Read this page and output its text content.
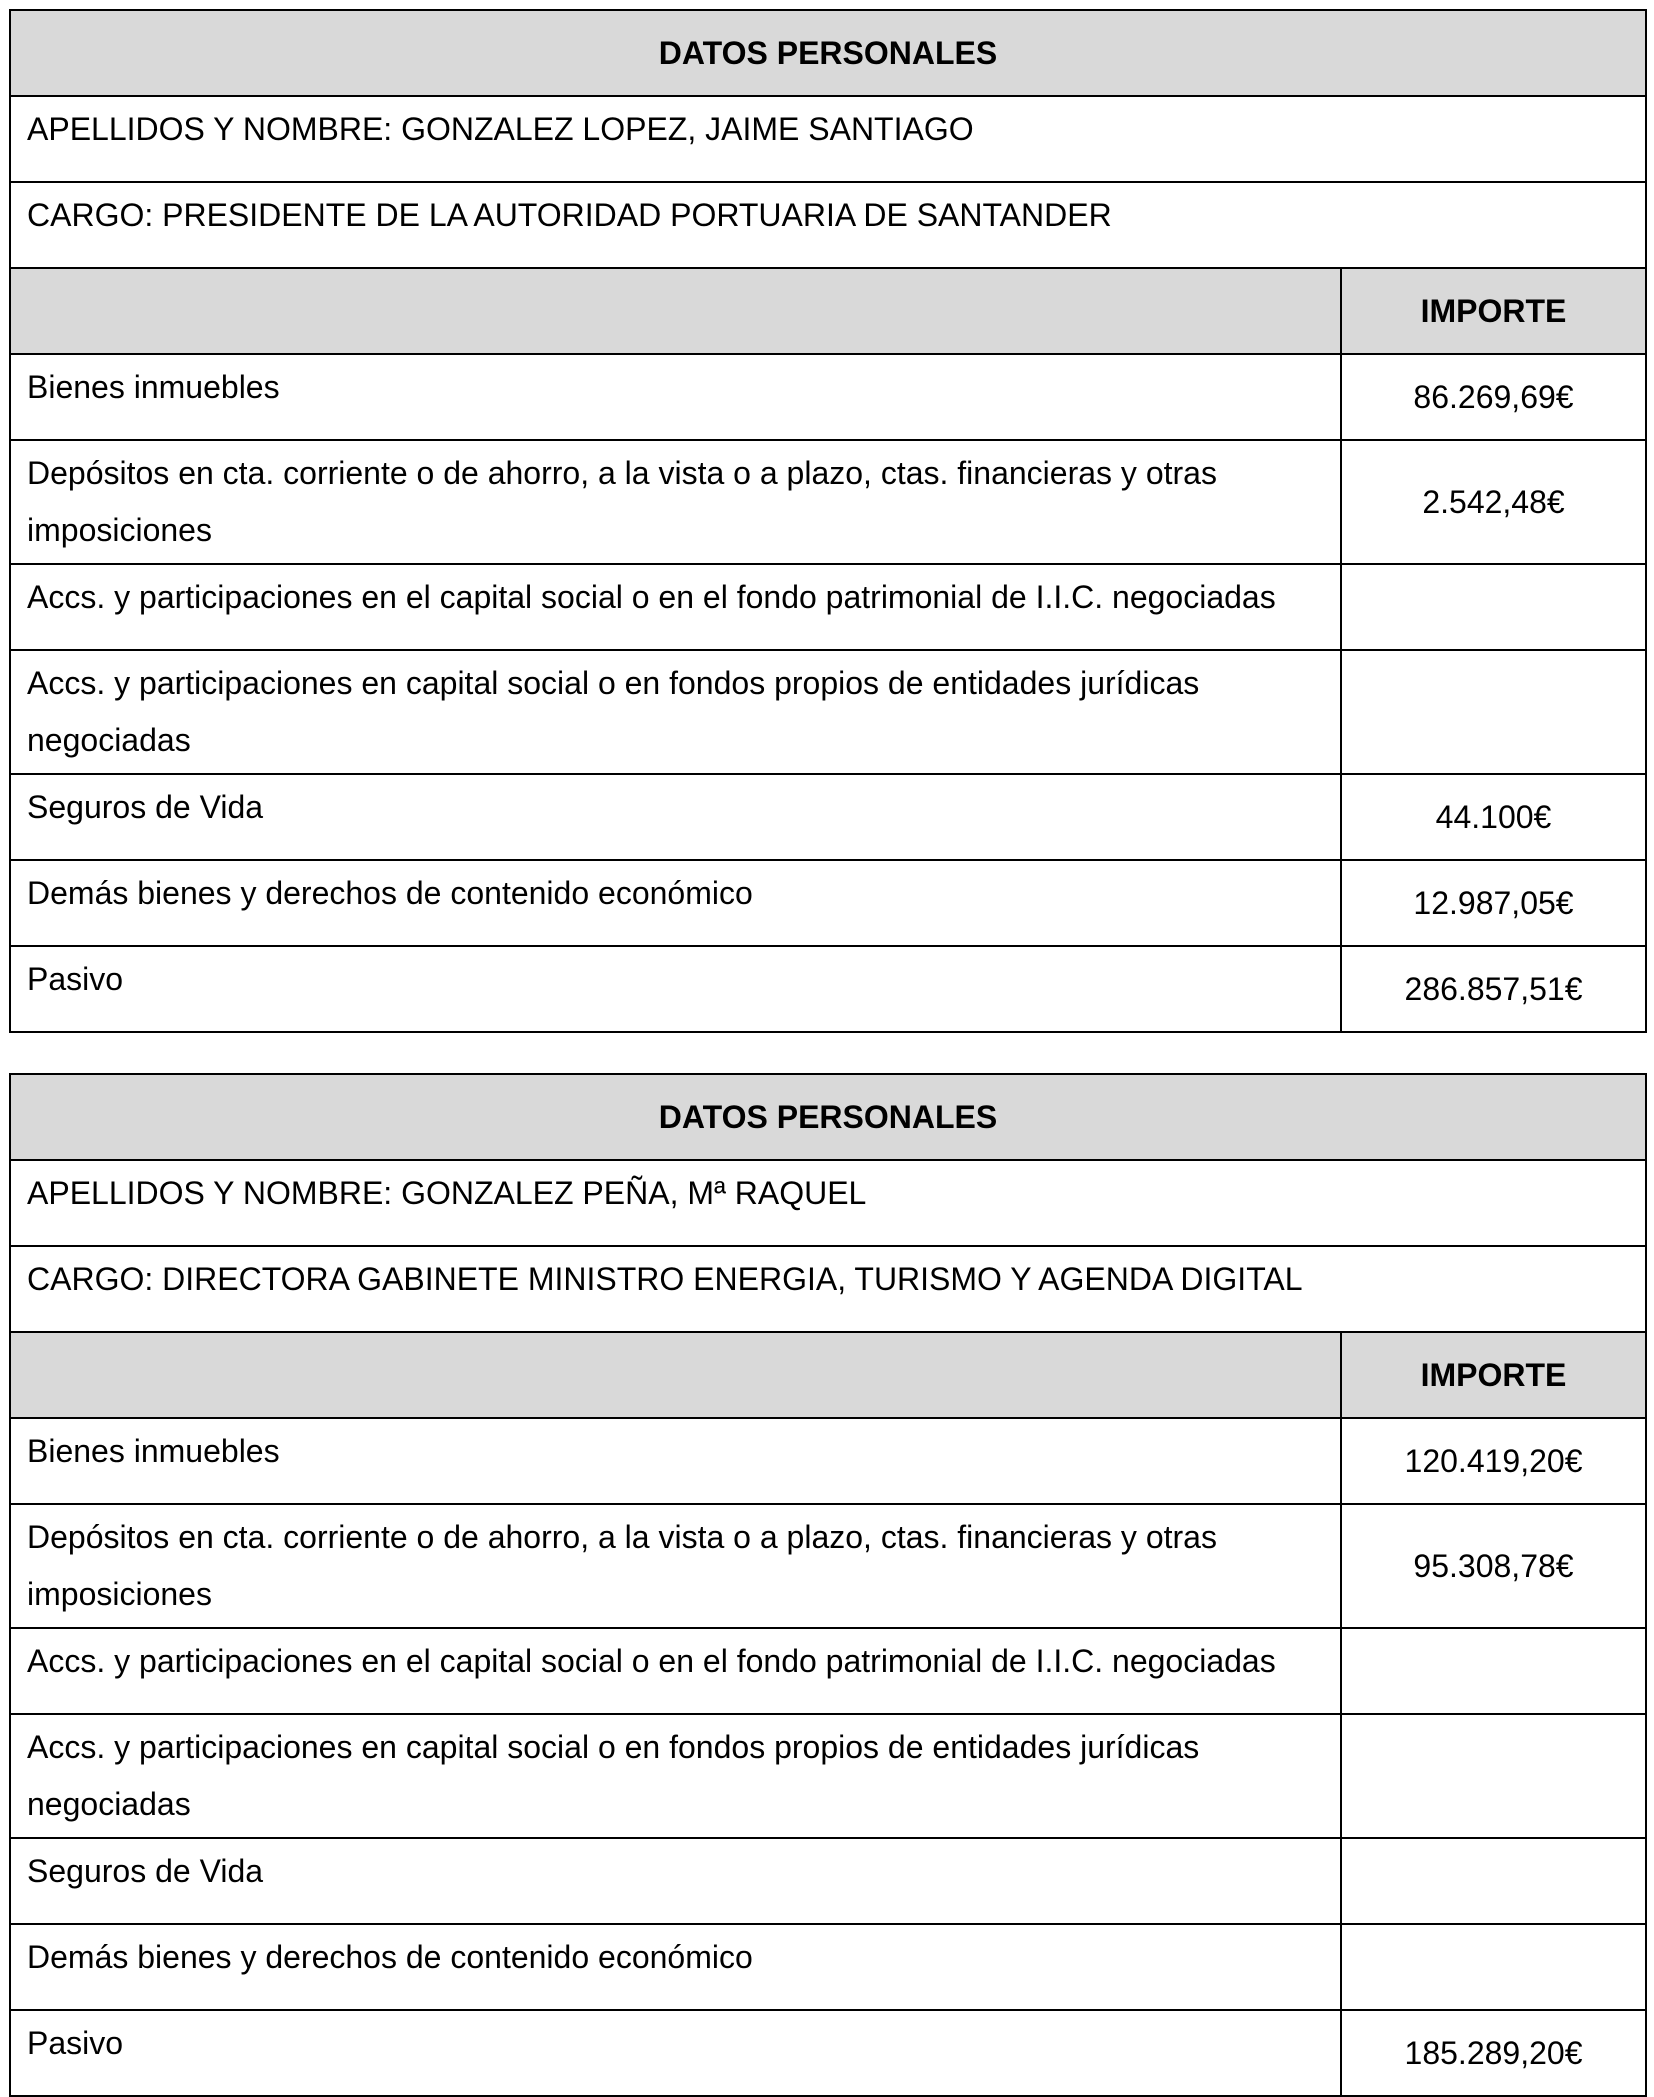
DATOS PERSONALES	
APELLIDOS Y NOMBRE: GONZALEZ LOPEZ, JAIME SANTIAGO	
CARGO: PRESIDENTE DE LA AUTORIDAD PORTUARIA DE SANTANDER	
	IMPORTE
Bienes inmuebles	86.269,69€
Depósitos en cta. corriente o de ahorro, a la vista o a plazo, ctas. financieras y otras imposiciones	2.542,48€
Accs. y participaciones en el capital social o en el fondo patrimonial de I.I.C. negociadas	
Accs. y participaciones en capital social o en fondos propios de entidades jurídicas negociadas	
Seguros de Vida	44.100€
Demás bienes y derechos de contenido económico	12.987,05€
Pasivo	286.857,51€
DATOS PERSONALES	
APELLIDOS Y NOMBRE: GONZALEZ PEÑA, Mª RAQUEL	
CARGO: DIRECTORA GABINETE MINISTRO ENERGIA, TURISMO Y AGENDA DIGITAL	
	IMPORTE
Bienes inmuebles	120.419,20€
Depósitos en cta. corriente o de ahorro, a la vista o a plazo, ctas. financieras y otras imposiciones	95.308,78€
Accs. y participaciones en el capital social o en el fondo patrimonial de I.I.C. negociadas	
Accs. y participaciones en capital social o en fondos propios de entidades jurídicas negociadas	
Seguros de Vida	
Demás bienes y derechos de contenido económico	
Pasivo	185.289,20€
